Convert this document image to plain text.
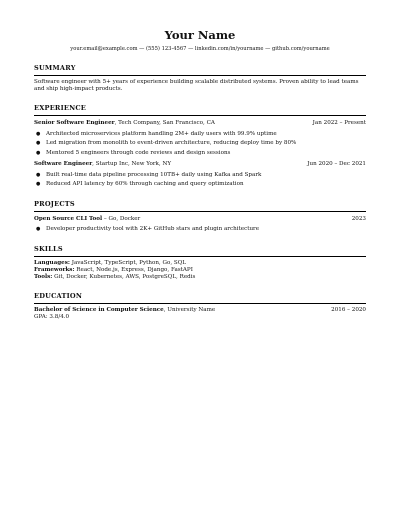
Your Name
your.email@example.com — (555) 123-4567 — linkedin.com/in/yourname — github.com/yourname
SUMMARY
Software engineer with 5+ years of experience building scalable distributed systems. Proven ability to lead teams and ship high-impact products.
EXPERIENCE
Senior Software Engineer, Tech Company, San Francisco, CA	Jan 2022 – Present
●	Architected microservices platform handling 2M+ daily users with 99.9% uptime
●	Led migration from monolith to event-driven architecture, reducing deploy time by 80%
●	Mentored 5 engineers through code reviews and design sessions
Software Engineer, Startup Inc, New York, NY	Jun 2020 – Dec 2021
●	Built real-time data pipeline processing 10TB+ daily using Kafka and Spark
●	Reduced API latency by 60% through caching and query optimization
PROJECTS
Open Source CLI Tool – Go, Docker	2023
●	Developer productivity tool with 2K+ GitHub stars and plugin architecture
SKILLS
Languages: JavaScript, TypeScript, Python, Go, SQL
Frameworks: React, Node.js, Express, Django, FastAPI
Tools: Git, Docker, Kubernetes, AWS, PostgreSQL, Redis
EDUCATION
Bachelor of Science in Computer Science, University Name	2016 – 2020
GPA: 3.8/4.0
